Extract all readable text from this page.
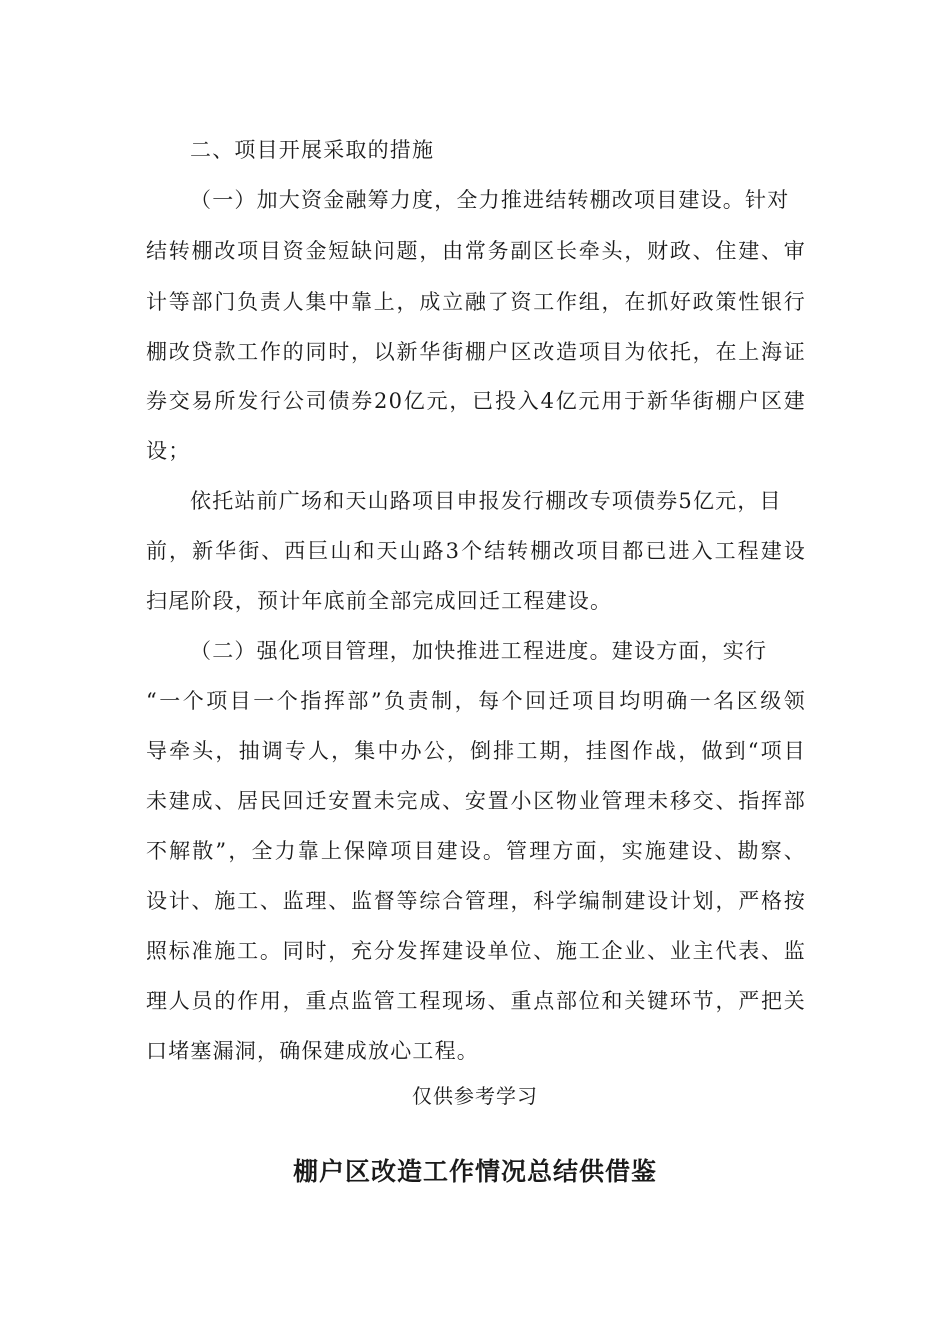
二、项目开展采取的措施
（一）加大资金融筹力度，全力推进结转棚改项目建设。针对
结转棚改项目资金短缺问题，由常务副区长牵头，财政、住建、审
计等部门负责人集中靠上，成立融了资工作组，在抓好政策性银行
棚改贷款工作的同时，以新华街棚户区改造项目为依托，在上海证
券交易所发行公司债券20亿元，已投入4亿元用于新华街棚户区建
设；
依托站前广场和天山路项目申报发行棚改专项债券5亿元，目
前，新华街、西巨山和天山路3个结转棚改项目都已进入工程建设
扫尾阶段，预计年底前全部完成回迁工程建设。
（二）强化项目管理，加快推进工程进度。建设方面，实行
“一个项目一个指挥部”负责制，每个回迁项目均明确一名区级领
导牵头，抽调专人，集中办公，倒排工期，挂图作战，做到“项目
未建成、居民回迁安置未完成、安置小区物业管理未移交、指挥部
不解散”，全力靠上保障项目建设。管理方面，实施建设、勘察、
设计、施工、监理、监督等综合管理，科学编制建设计划，严格按
照标准施工。同时，充分发挥建设单位、施工企业、业主代表、监
理人员的作用，重点监管工程现场、重点部位和关键环节，严把关
口堵塞漏洞，确保建成放心工程。
仅供参考学习
棚户区改造工作情况总结供借鉴
